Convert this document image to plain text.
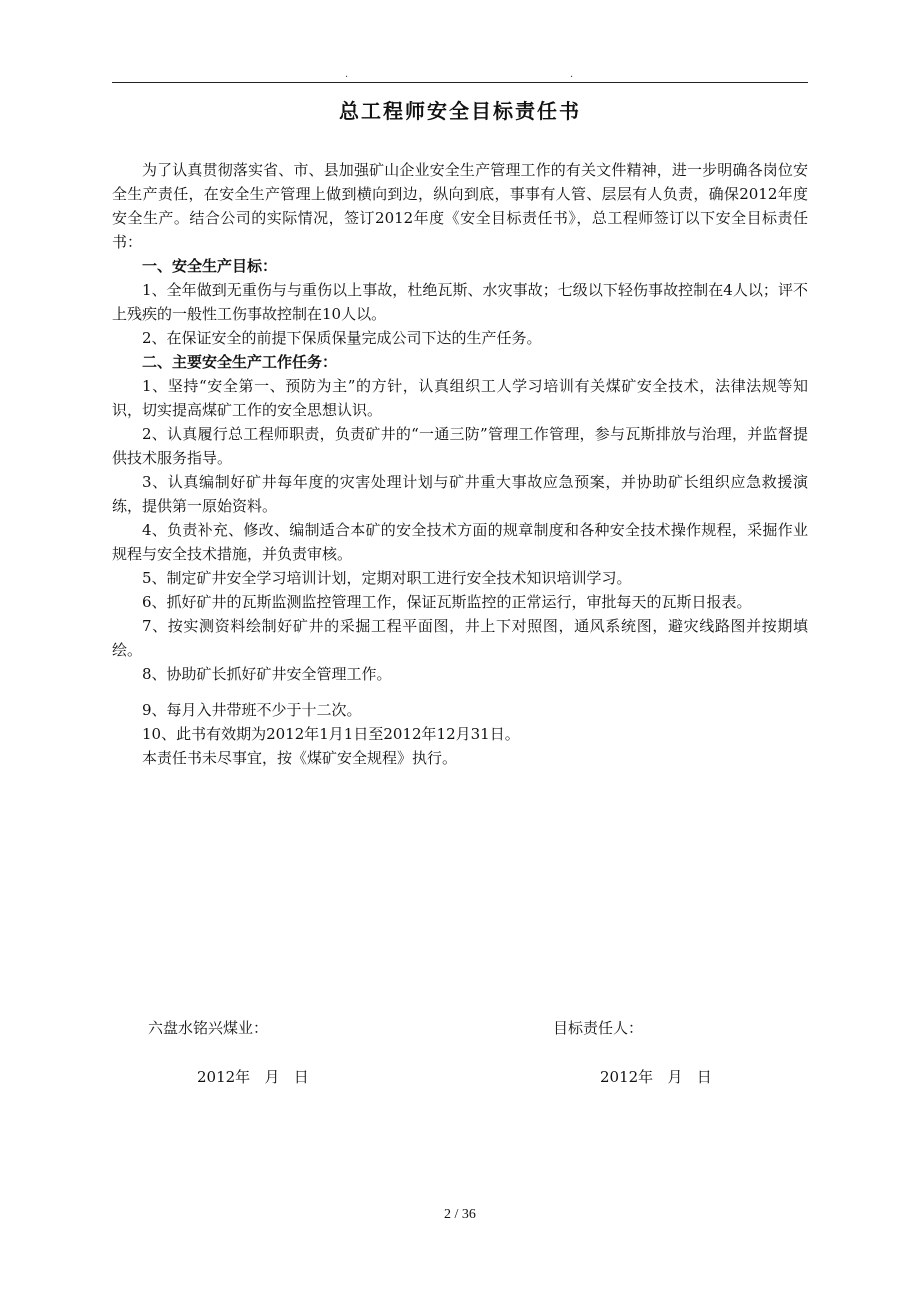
.	.
总工程师安全目标责任书

为了认真贯彻落实省、市、县加强矿山企业安全生产管理工作的有关文件精神，进一步明确各岗位安全生产责任，在安全生产管理上做到横向到边，纵向到底，事事有人管、层层有人负责，确保2012年度安全生产。结合公司的实际情况，签订2012年度《安全目标责任书》，总工程师签订以下安全目标责任书：

一、安全生产目标：

1、全年做到无重伤与与重伤以上事故，杜绝瓦斯、水灾事故；七级以下轻伤事故控制在4人以；评不上残疾的一般性工伤事故控制在10人以。

2、在保证安全的前提下保质保量完成公司下达的生产任务。

二、主要安全生产工作任务：

1、坚持“安全第一、预防为主”的方针，认真组织工人学习培训有关煤矿安全技术，法律法规等知识，切实提高煤矿工作的安全思想认识。

2、认真履行总工程师职责，负责矿井的“一通三防”管理工作管理，参与瓦斯排放与治理，并监督提供技术服务指导。

3、认真编制好矿井每年度的灾害处理计划与矿井重大事故应急预案，并协助矿长组织应急救援演练，提供第一原始资料。

4、负责补充、修改、编制适合本矿的安全技术方面的规章制度和各种安全技术操作规程，采掘作业规程与安全技术措施，并负责审核。

5、制定矿井安全学习培训计划，定期对职工进行安全技术知识培训学习。

6、抓好矿井的瓦斯监测监控管理工作，保证瓦斯监控的正常运行，审批每天的瓦斯日报表。

7、按实测资料绘制好矿井的采掘工程平面图，井上下对照图，通风系统图，避灾线路图并按期填绘。

8、协助矿长抓好矿井安全管理工作。

9、每月入井带班不少于十二次。

10、此书有效期为2012年1月1日至2012年12月31日。

本责任书未尽事宜，按《煤矿安全规程》执行。

六盘水铭兴煤业：	目标责任人：
2012年   月   日	2012年   月   日
2 / 36
